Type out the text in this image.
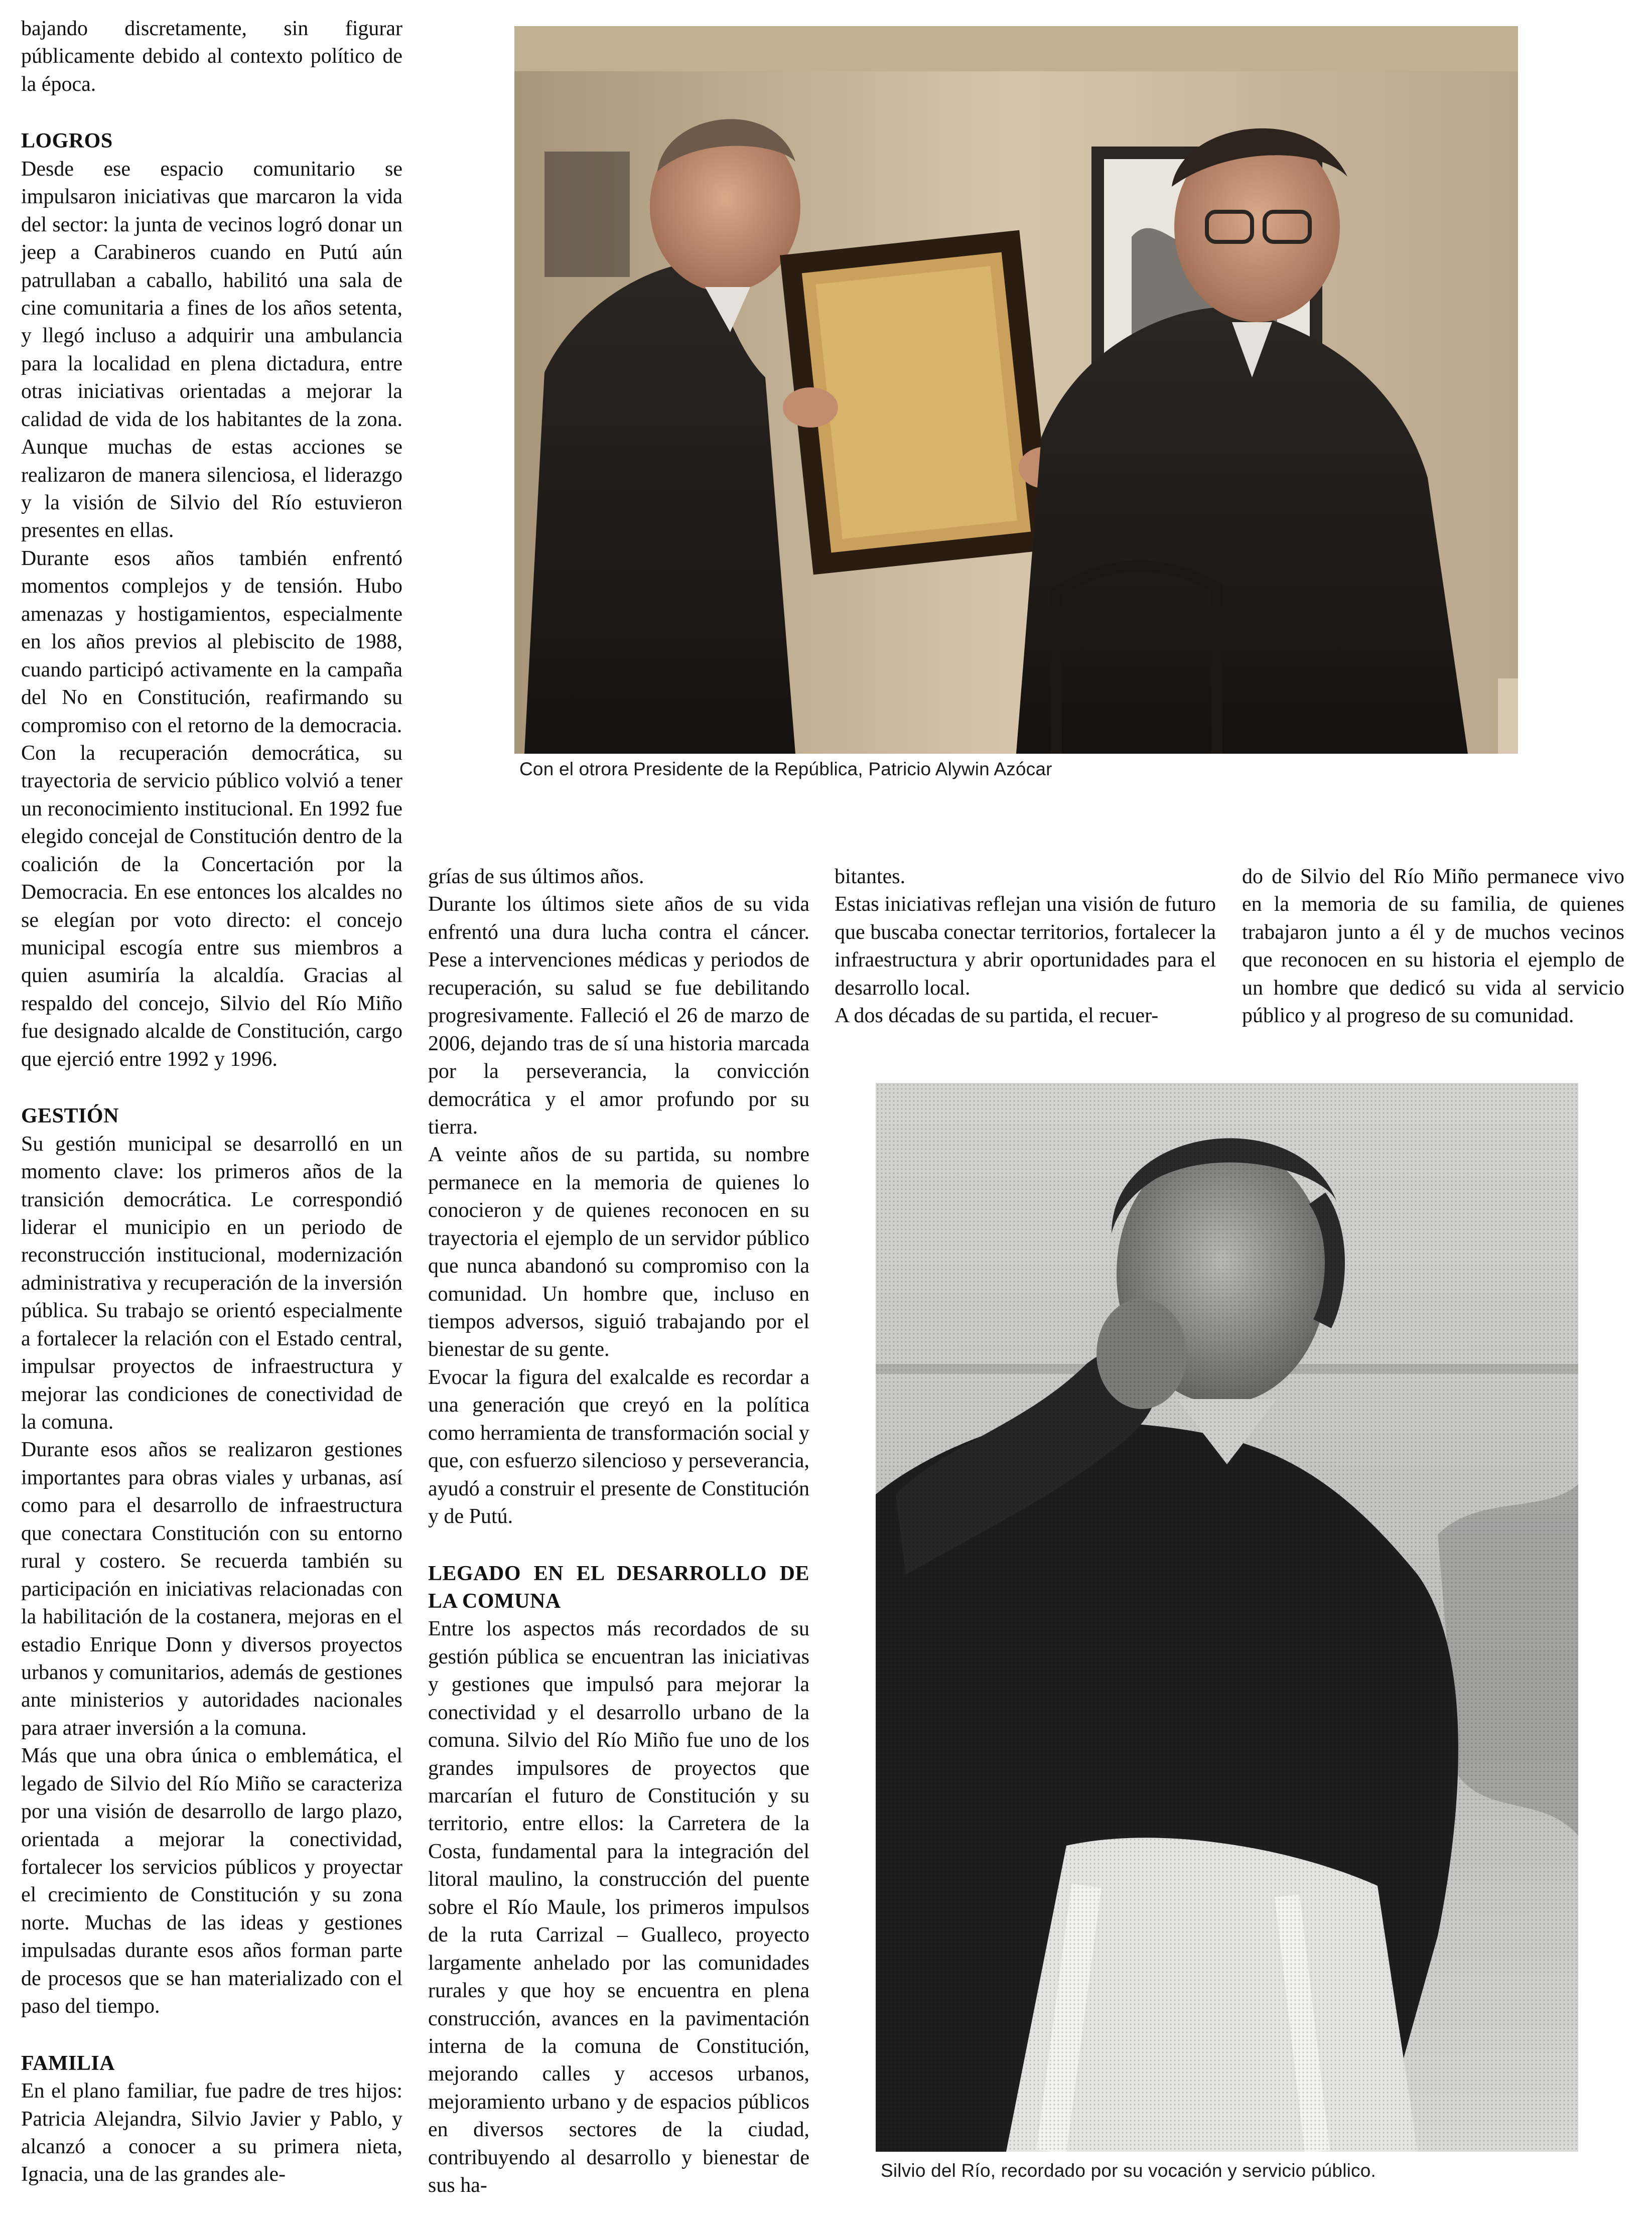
bajando discretamente, sin figurar públicamente debido al contexto político de la época.

LOGROS

Desde ese espacio comunitario se impulsaron iniciativas que marcaron la vida del sector: la junta de vecinos logró donar un jeep a Carabineros cuando en Putú aún patrullaban a caballo, habilitó una sala de cine comunitaria a fines de los años setenta, y llegó incluso a adquirir una ambulancia para la localidad en plena dictadura, entre otras iniciativas orientadas a mejorar la calidad de vida de los habitantes de la zona. Aunque muchas de estas acciones se realizaron de manera silenciosa, el liderazgo y la visión de Silvio del Río estuvieron presentes en ellas.

Durante esos años también enfrentó momentos complejos y de tensión. Hubo amenazas y hostigamientos, especialmente en los años previos al plebiscito de 1988, cuando participó activamente en la campaña del No en Constitución, reafirmando su compromiso con el retorno de la democracia.

Con la recuperación democrática, su trayectoria de servicio público volvió a tener un reconocimiento institucional. En 1992 fue elegido concejal de Constitución dentro de la coalición de la Concertación por la Democracia. En ese entonces los alcaldes no se elegían por voto directo: el concejo municipal escogía entre sus miembros a quien asumiría la alcaldía. Gracias al respaldo del concejo, Silvio del Río Miño fue designado alcalde de Constitución, cargo que ejerció entre 1992 y 1996.

GESTIÓN

Su gestión municipal se desarrolló en un momento clave: los primeros años de la transición democrática. Le correspondió liderar el municipio en un periodo de reconstrucción institucional, modernización administrativa y recuperación de la inversión pública. Su trabajo se orientó especialmente a fortalecer la relación con el Estado central, impulsar proyectos de infraestructura y mejorar las condiciones de conectividad de la comuna.

Durante esos años se realizaron gestiones importantes para obras viales y urbanas, así como para el desarrollo de infraestructura que conectara Constitución con su entorno rural y costero. Se recuerda también su participación en iniciativas relacionadas con la habilitación de la costanera, mejoras en el estadio Enrique Donn y diversos proyectos urbanos y comunitarios, además de gestiones ante ministerios y autoridades nacionales para atraer inversión a la comuna.

Más que una obra única o emblemática, el legado de Silvio del Río Miño se caracteriza por una visión de desarrollo de largo plazo, orientada a mejorar la conectividad, fortalecer los servicios públicos y proyectar el crecimiento de Constitución y su zona norte. Muchas de las ideas y gestiones impulsadas durante esos años forman parte de procesos que se han materializado con el paso del tiempo.

FAMILIA

En el plano familiar, fue padre de tres hijos: Patricia Alejandra, Silvio Javier y Pablo, y alcanzó a conocer a su primera nieta, Ignacia, una de las grandes ale-

Con el otrora Presidente de la República, Patricio Alywin Azócar

grías de sus últimos años.

Durante los últimos siete años de su vida enfrentó una dura lucha contra el cáncer. Pese a intervenciones médicas y periodos de recuperación, su salud se fue debilitando progresivamente. Falleció el 26 de marzo de 2006, dejando tras de sí una historia marcada por la perseverancia, la convicción democrática y el amor profundo por su tierra.

A veinte años de su partida, su nombre permanece en la memoria de quienes lo conocieron y de quienes reconocen en su trayectoria el ejemplo de un servidor público que nunca abandonó su compromiso con la comunidad. Un hombre que, incluso en tiempos adversos, siguió trabajando por el bienestar de su gente.

Evocar la figura del exalcalde es recordar a una generación que creyó en la política como herramienta de transformación social y que, con esfuerzo silencioso y perseverancia, ayudó a construir el presente de Constitución y de Putú.

LEGADO EN EL DESARROLLO DE LA COMUNA

Entre los aspectos más recordados de su gestión pública se encuentran las iniciativas y gestiones que impulsó para mejorar la conectividad y el desarrollo urbano de la comuna. Silvio del Río Miño fue uno de los grandes impulsores de proyectos que marcarían el futuro de Constitución y su territorio, entre ellos: la Carretera de la Costa, fundamental para la integración del litoral maulino, la construcción del puente sobre el Río Maule, los primeros impulsos de la ruta Carrizal – Gualleco, proyecto largamente anhelado por las comunidades rurales y que hoy se encuentra en plena construcción, avances en la pavimentación interna de la comuna de Constitución, mejorando calles y accesos urbanos, mejoramiento urbano y de espacios públicos en diversos sectores de la ciudad, contribuyendo al desarrollo y bienestar de sus ha-

bitantes.

Estas iniciativas reflejan una visión de futuro que buscaba conectar territorios, fortalecer la infraestructura y abrir oportunidades para el desarrollo local.

A dos décadas de su partida, el recuer-

do de Silvio del Río Miño permanece vivo en la memoria de su familia, de quienes trabajaron junto a él y de muchos vecinos que reconocen en su historia el ejemplo de un hombre que dedicó su vida al servicio público y al progreso de su comunidad.

Silvio del Río, recordado por su vocación y servicio público.
